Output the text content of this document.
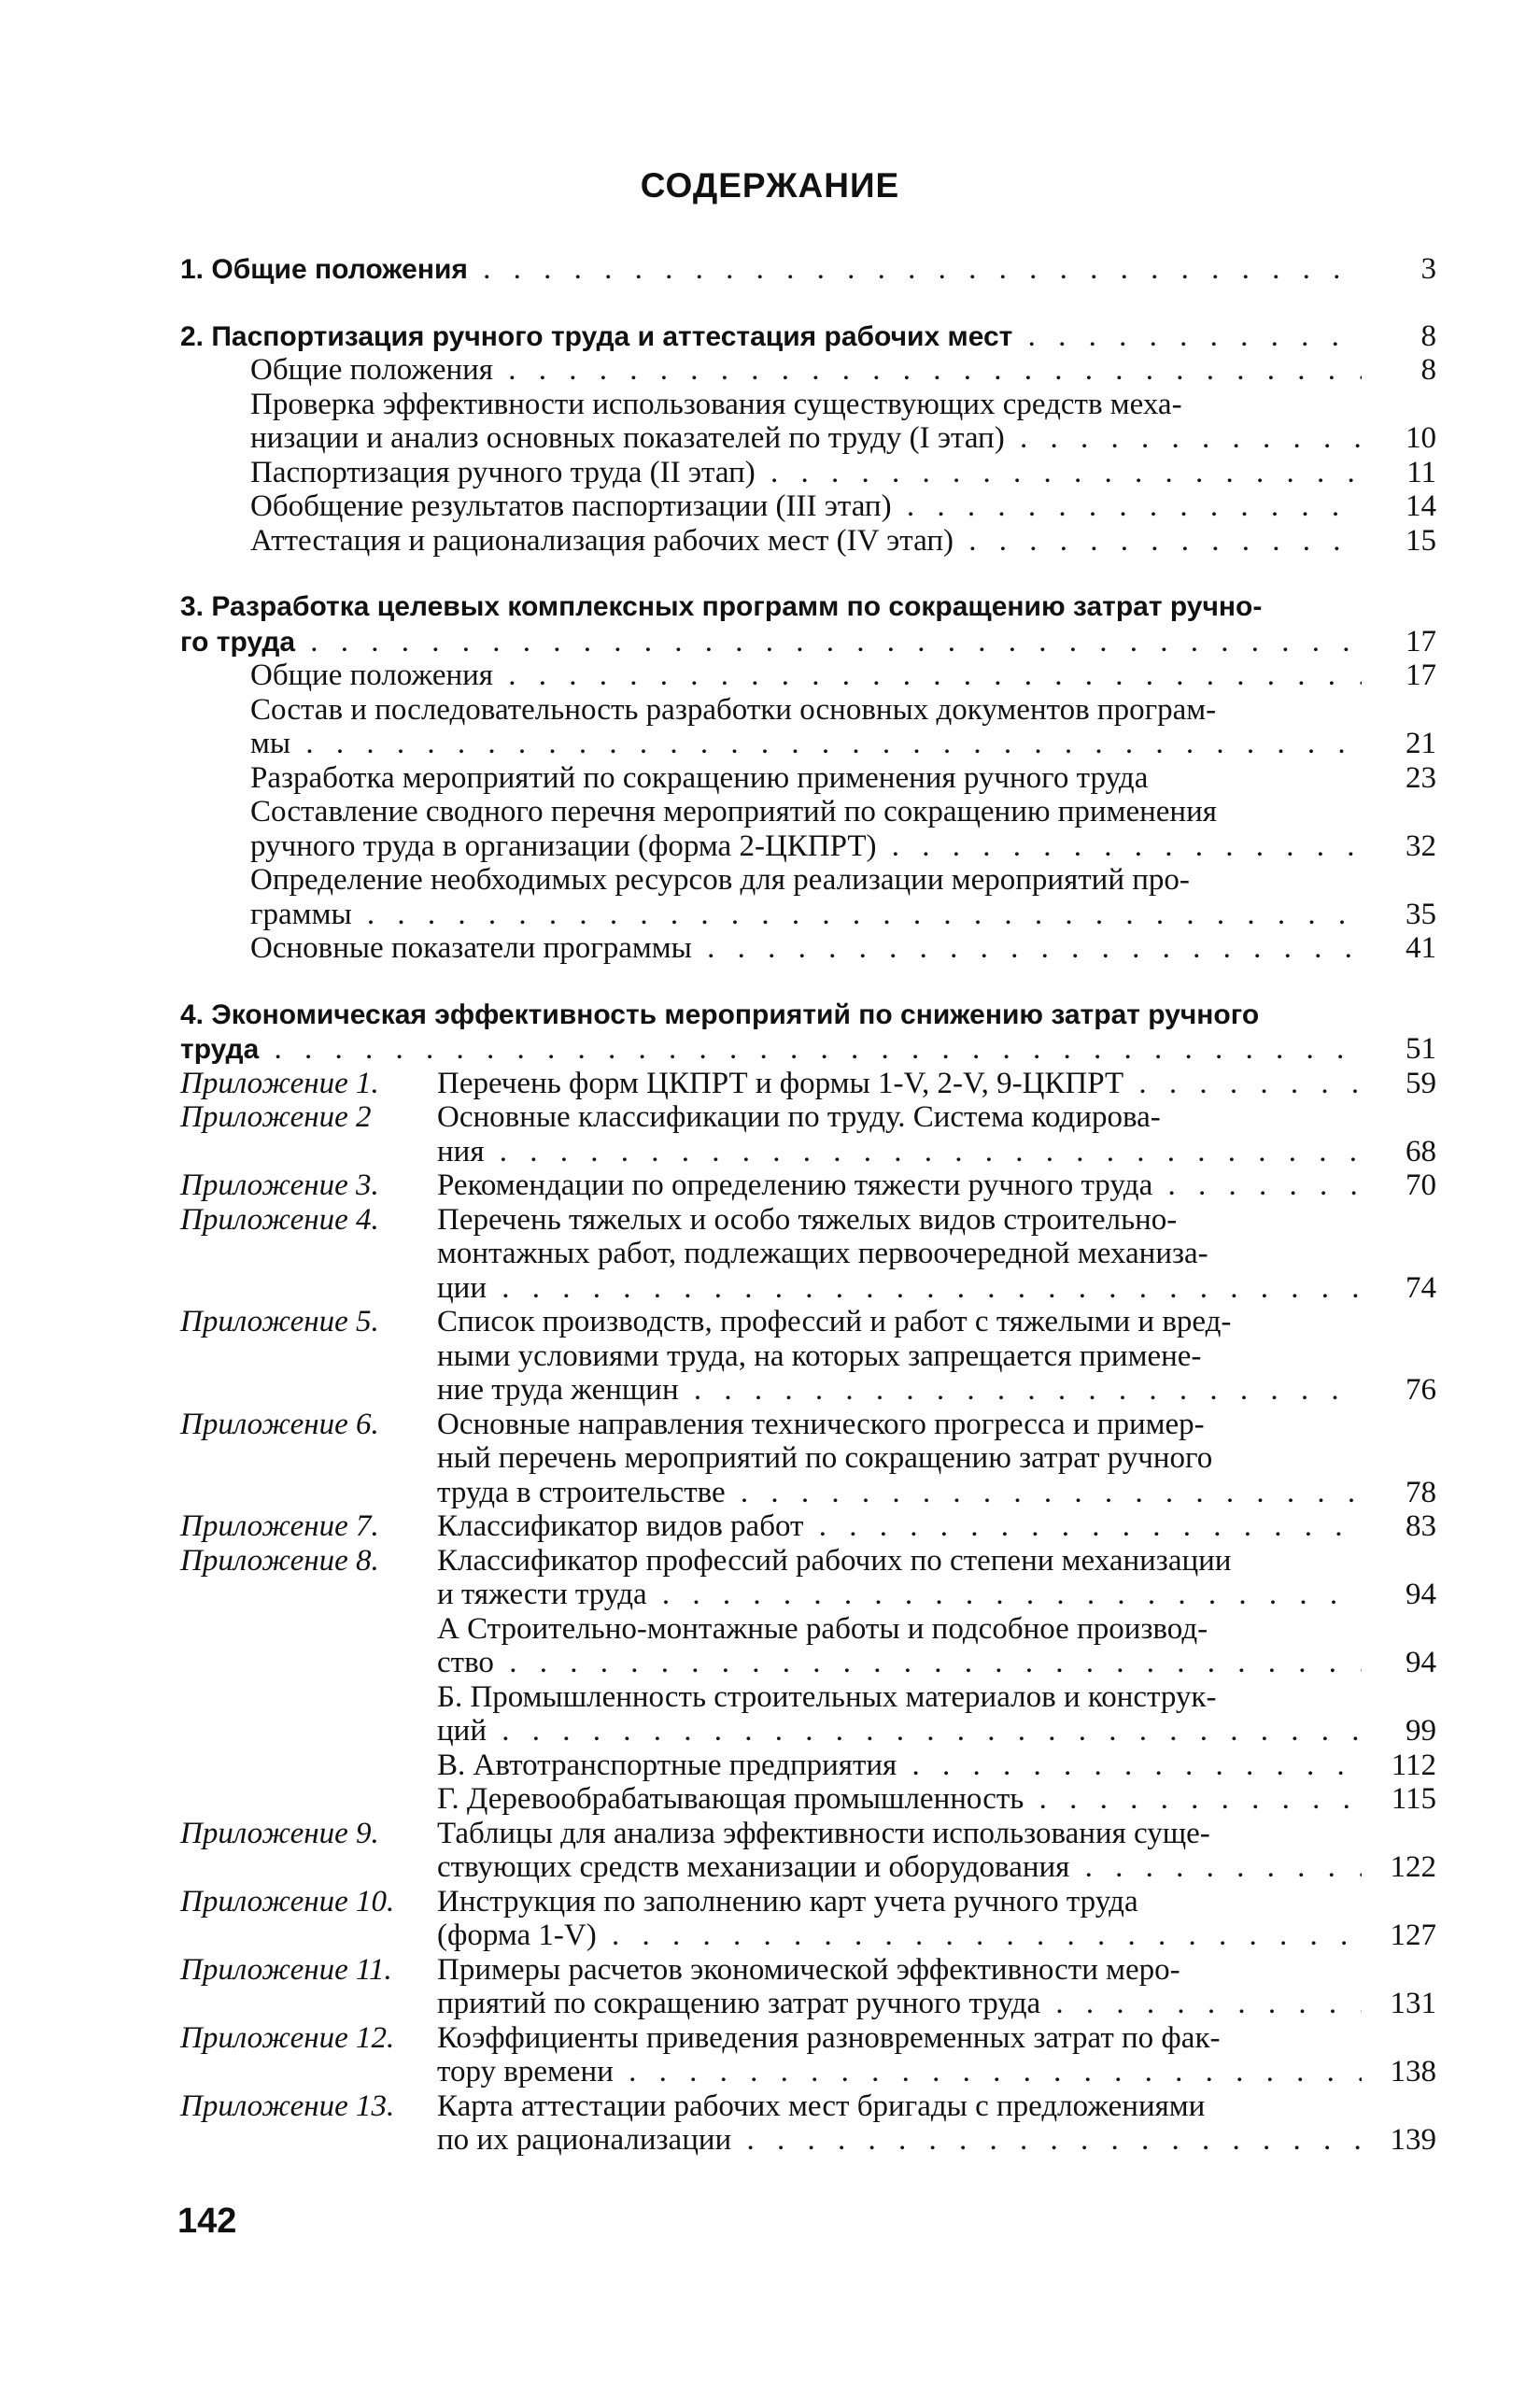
СОДЕРЖАНИЕ
1. Общие положения . . .	3
2. Паспортизация ручного труда и аттестация рабочих мест . . .	8
Общие положения . . .	8
Проверка эффективности использования существующих средств меха-
низации и анализ основных показателей по труду (I этап) . . .	10
Паспортизация ручного труда (II этап) . . .	11
Обобщение результатов паспортизации (III этап) . . .	14
Аттестация и рационализация рабочих мест (IV этап) . . .	15
3. Разработка целевых комплексных программ по сокращению затрат ручно-
го труда . . .	17
Общие положения . . .	17
Состав и последовательность разработки основных документов програм-
мы . . .	21
Разработка мероприятий по сокращению применения ручного труда	23
Составление сводного перечня мероприятий по сокращению применения
ручного труда в организации (форма 2-ЦКПРТ) . . .	32
Определение необходимых ресурсов для реализации мероприятий про-
граммы . . .	35
Основные показатели программы . . .	41
4. Экономическая эффективность мероприятий по снижению затрат ручного
труда . . .	51
Приложение 1. Перечень форм ЦКПРТ и формы 1-V, 2-V, 9-ЦКПРТ . . .	59
Приложение 2 Основные классификации по труду. Система кодирова-
ния . . .	68
Приложение 3. Рекомендации по определению тяжести ручного труда . . .	70
Приложение 4. Перечень тяжелых и особо тяжелых видов строительно-
монтажных работ, подлежащих первоочередной механиза-
ции . . .	74
Приложение 5. Список производств, профессий и работ с тяжелыми и вред-
ными условиями труда, на которых запрещается примене-
ние труда женщин . . .	76
Приложение 6. Основные направления технического прогресса и пример-
ный перечень мероприятий по сокращению затрат ручного
труда в строительстве . . .	78
Приложение 7. Классификатор видов работ . . .	83
Приложение 8. Классификатор профессий рабочих по степени механизации
и тяжести труда . . .	94
А Строительно-монтажные работы и подсобное производ-
ство . . .	94
Б. Промышленность строительных материалов и конструк-
ций . . .	99
В. Автотранспортные предприятия . . .	112
Г. Деревообрабатывающая промышленность . . .	115
Приложение 9. Таблицы для анализа эффективности использования суще-
ствующих средств механизации и оборудования . . .	122
Приложение 10. Инструкция по заполнению карт учета ручного труда
(форма 1-V) . . .	127
Приложение 11. Примеры расчетов экономической эффективности меро-
приятий по сокращению затрат ручного труда . . .	131
Приложение 12. Коэффициенты приведения разновременных затрат по фак-
тору времени . . .	138
Приложение 13. Карта аттестации рабочих мест бригады с предложениями
по их рационализации . . .	139
142
